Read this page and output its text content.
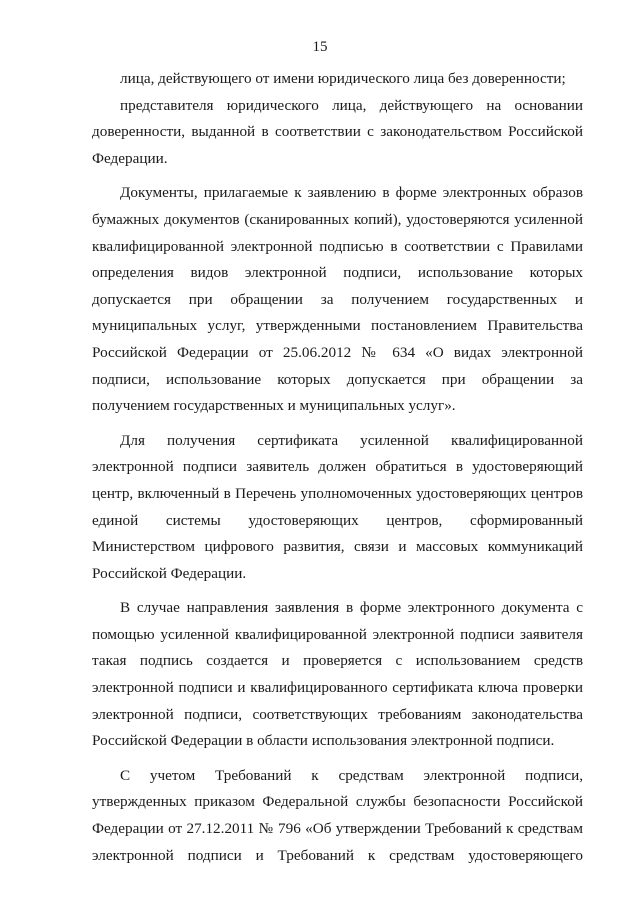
15

лица, действующего от имени юридического лица без доверенности;

представителя юридического лица, действующего на основании доверенности, выданной в соответствии с законодательством Российской Федерации.

Документы, прилагаемые к заявлению в форме электронных образов бумажных документов (сканированных копий), удостоверяются усиленной квалифицированной электронной подписью в соответствии с Правилами определения видов электронной подписи, использование которых допускается при обращении за получением государственных и муниципальных услуг, утвержденными постановлением Правительства Российской Федерации от 25.06.2012 № 634 «О видах электронной подписи, использование которых допускается при обращении за получением государственных и муниципальных услуг».

Для получения сертификата усиленной квалифицированной электронной подписи заявитель должен обратиться в удостоверяющий центр, включенный в Перечень уполномоченных удостоверяющих центров единой системы удостоверяющих центров, сформированный Министерством цифрового развития, связи и массовых коммуникаций Российской Федерации.

В случае направления заявления в форме электронного документа с помощью усиленной квалифицированной электронной подписи заявителя такая подпись создается и проверяется с использованием средств электронной подписи и квалифицированного сертификата ключа проверки электронной подписи, соответствующих требованиям законодательства Российской Федерации в области использования электронной подписи.

С учетом Требований к средствам электронной подписи, утвержденных приказом Федеральной службы безопасности Российской Федерации от 27.12.2011 № 796 «Об утверждении Требований к средствам электронной подписи и Требований к средствам удостоверяющего
